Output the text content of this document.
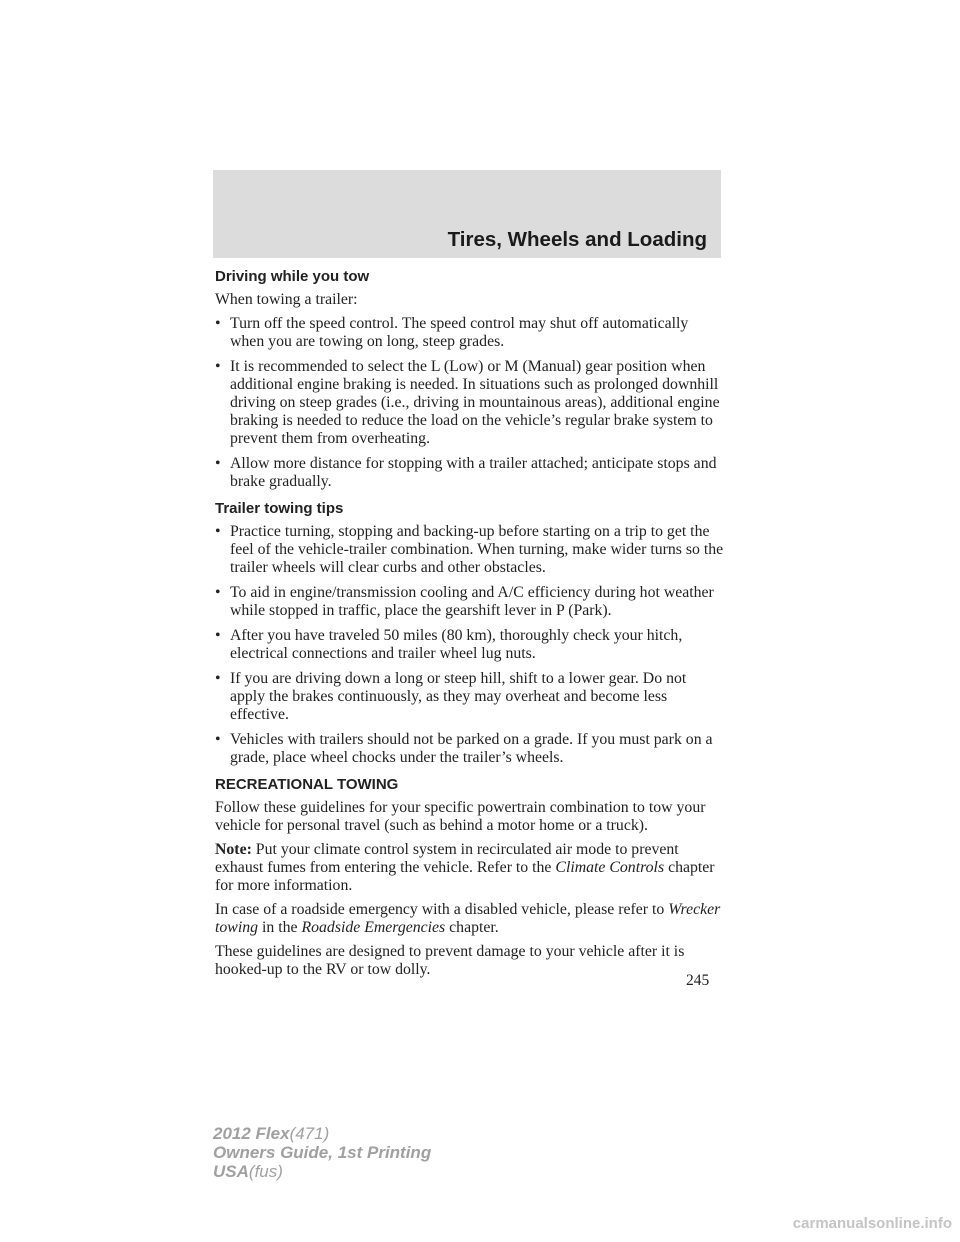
Tires, Wheels and Loading
Driving while you tow
When towing a trailer:
• Turn off the speed control. The speed control may shut off automatically when you are towing on long, steep grades.
• It is recommended to select the L (Low) or M (Manual) gear position when additional engine braking is needed. In situations such as prolonged downhill driving on steep grades (i.e., driving in mountainous areas), additional engine braking is needed to reduce the load on the vehicle’s regular brake system to prevent them from overheating.
• Allow more distance for stopping with a trailer attached; anticipate stops and brake gradually.
Trailer towing tips
• Practice turning, stopping and backing-up before starting on a trip to get the feel of the vehicle-trailer combination. When turning, make wider turns so the trailer wheels will clear curbs and other obstacles.
• To aid in engine/transmission cooling and A/C efficiency during hot weather while stopped in traffic, place the gearshift lever in P (Park).
• After you have traveled 50 miles (80 km), thoroughly check your hitch, electrical connections and trailer wheel lug nuts.
• If you are driving down a long or steep hill, shift to a lower gear. Do not apply the brakes continuously, as they may overheat and become less effective.
• Vehicles with trailers should not be parked on a grade. If you must park on a grade, place wheel chocks under the trailer’s wheels.
RECREATIONAL TOWING
Follow these guidelines for your specific powertrain combination to tow your vehicle for personal travel (such as behind a motor home or a truck).
Note: Put your climate control system in recirculated air mode to prevent exhaust fumes from entering the vehicle. Refer to the Climate Controls chapter for more information.
In case of a roadside emergency with a disabled vehicle, please refer to Wrecker towing in the Roadside Emergencies chapter.
These guidelines are designed to prevent damage to your vehicle after it is hooked-up to the RV or tow dolly.
245
2012 Flex(471)
Owners Guide, 1st Printing
USA(fus)
carmanualsonline.info
